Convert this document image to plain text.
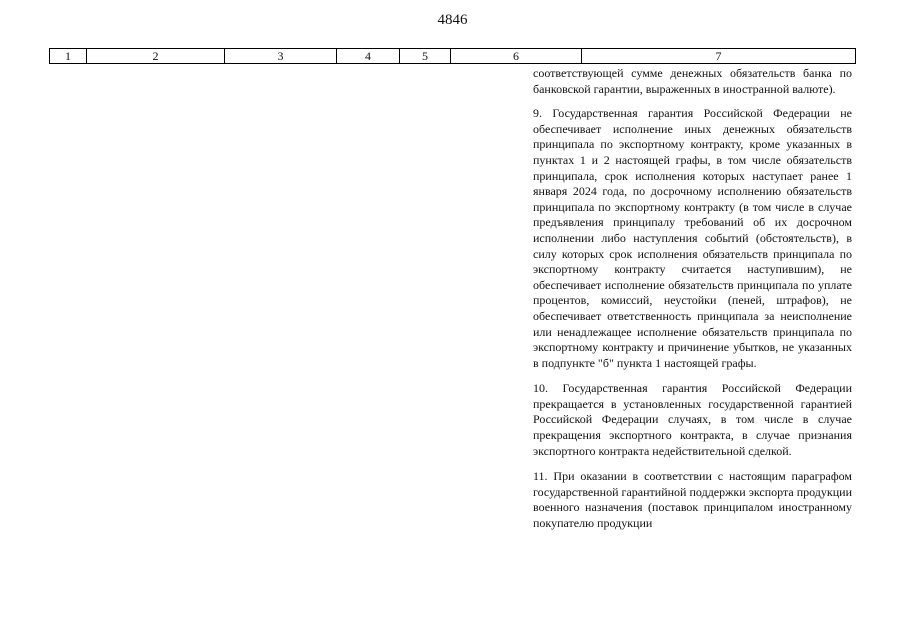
4846
1	2	3	4	5	6	7

соответствующей сумме денежных обязательств банка по банковской гарантии, выраженных в иностранной валюте).

9. Государственная гарантия Российской Федерации не обеспечивает исполнение иных денежных обязательств принципала по экспортному контракту, кроме указанных в пунктах 1 и 2 настоящей графы, в том числе обязательств принципала, срок исполнения которых наступает ранее 1 января 2024 года, по досрочному исполнению обязательств принципала по экспортному контракту (в том числе в случае предъявления принципалу требований об их досрочном исполнении либо наступления событий (обстоятельств), в силу которых срок исполнения обязательств принципала по экспортному контракту считается наступившим), не обеспечивает исполнение обязательств принципала по уплате процентов, комиссий, неустойки (пеней, штрафов), не обеспечивает ответственность принципала за неисполнение или ненадлежащее исполнение обязательств принципала по экспортному контракту и причинение убытков, не указанных в подпункте "б" пункта 1 настоящей графы.

10. Государственная гарантия Российской Федерации прекращается в установленных государственной гарантией Российской Федерации случаях, в том числе в случае прекращения экспортного контракта, в случае признания экспортного контракта недействительной сделкой.

11. При оказании в соответствии с настоящим параграфом государственной гарантийной поддержки экспорта продукции военного назначения (поставок принципалом иностранному покупателю продукции
